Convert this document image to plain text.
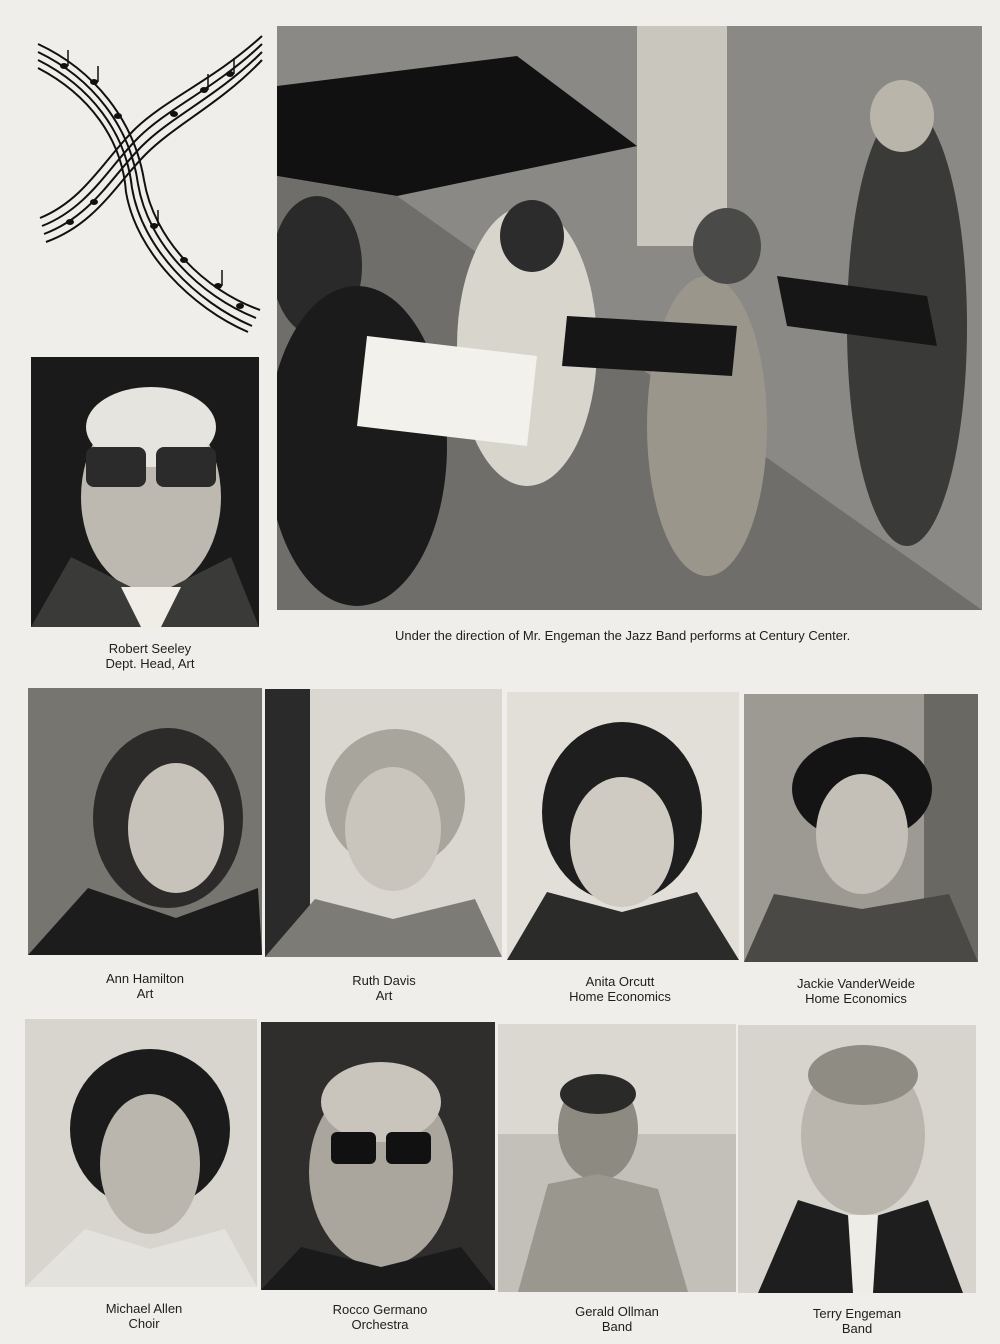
Robert Seeley
Dept. Head, Art
Under the direction of Mr. Engeman the Jazz Band performs at Century Center.
Ann Hamilton
Art
Ruth Davis
Art
Anita Orcutt
Home Economics
Jackie VanderWeide
Home Economics
Michael Allen
Choir
Rocco Germano
Orchestra
Gerald Ollman
Band
Terry Engeman
Band
